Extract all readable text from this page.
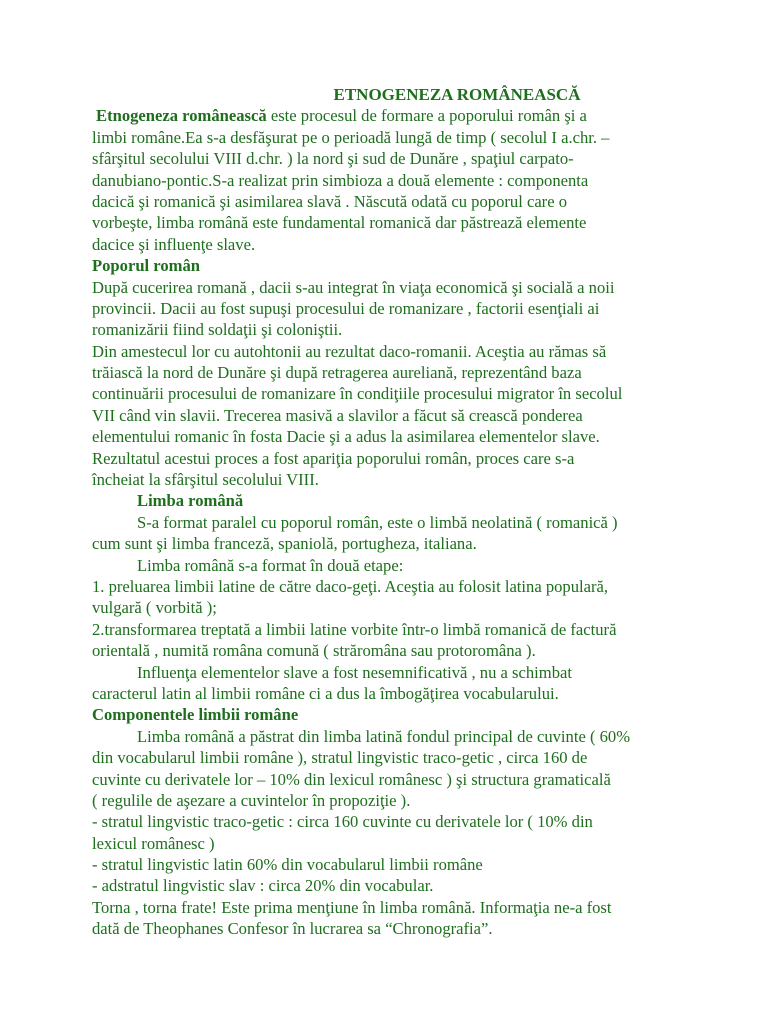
ETNOGENEZA ROMÂNEASCĂ
Etnogeneza românească este procesul de formare a poporului român şi a
limbi române.Ea s-a desfăşurat pe o perioadă lungă de timp ( secolul I a.chr. –
sfârşitul secolului VIII d.chr. ) la nord şi sud de Dunăre , spaţiul carpato-
danubiano-pontic.S-a realizat prin simbioza a două elemente : componenta
dacică şi romanică şi asimilarea slavă . Născută odată cu poporul care o
vorbeşte, limba română este fundamental romanică dar păstrează elemente
dacice şi influenţe slave.
Poporul român
După cucerirea romană , dacii s-au integrat în viaţa economică şi socială a noii
provincii. Dacii au fost supuşi procesului de romanizare , factorii esenţiali ai
romanizării fiind soldaţii şi coloniştii.
Din amestecul lor cu autohtonii au rezultat daco-romanii. Aceştia au rămas să
trăiască la nord de Dunăre şi după retragerea aureliană, reprezentând baza
continuării procesului de romanizare în condiţiile procesului migrator în secolul
VII când vin slavii. Trecerea masivă a slavilor a făcut să crească ponderea
elementului romanic în fosta Dacie şi a adus la asimilarea elementelor slave.
Rezultatul acestui proces a fost apariţia poporului român, proces care s-a
încheiat la sfârşitul secolului VIII.
Limba română
S-a format paralel cu poporul român, este o limbă neolatină ( romanică )
cum sunt şi limba franceză, spaniolă, portugheza, italiana.
Limba română s-a format în două etape:
1. preluarea limbii latine de către daco-geţi. Aceştia au folosit latina populară,
vulgară ( vorbită );
2.transformarea treptată a limbii latine vorbite într-o limbă romanică de factură
orientală , numită româna comună ( străromâna sau protoromâna ).
Influenţa elementelor slave a fost nesemnificativă , nu a schimbat
caracterul latin al limbii române ci a dus la îmbogăţirea vocabularului.
Componentele limbii române
Limba română a păstrat din limba latină fondul principal de cuvinte ( 60%
din vocabularul limbii române ), stratul lingvistic traco-getic , circa 160 de
cuvinte cu derivatele lor – 10% din lexicul românesc ) şi structura gramaticală
( regulile de aşezare a cuvintelor în propoziţie ).
- stratul lingvistic traco-getic : circa 160 cuvinte cu derivatele lor ( 10% din
lexicul românesc )
- stratul lingvistic latin 60% din vocabularul limbii române
- adstratul lingvistic slav : circa 20% din vocabular.
Torna , torna frate! Este prima menţiune în limba română. Informaţia ne-a fost
dată de Theophanes Confesor în lucrarea sa “Chronografia”.
